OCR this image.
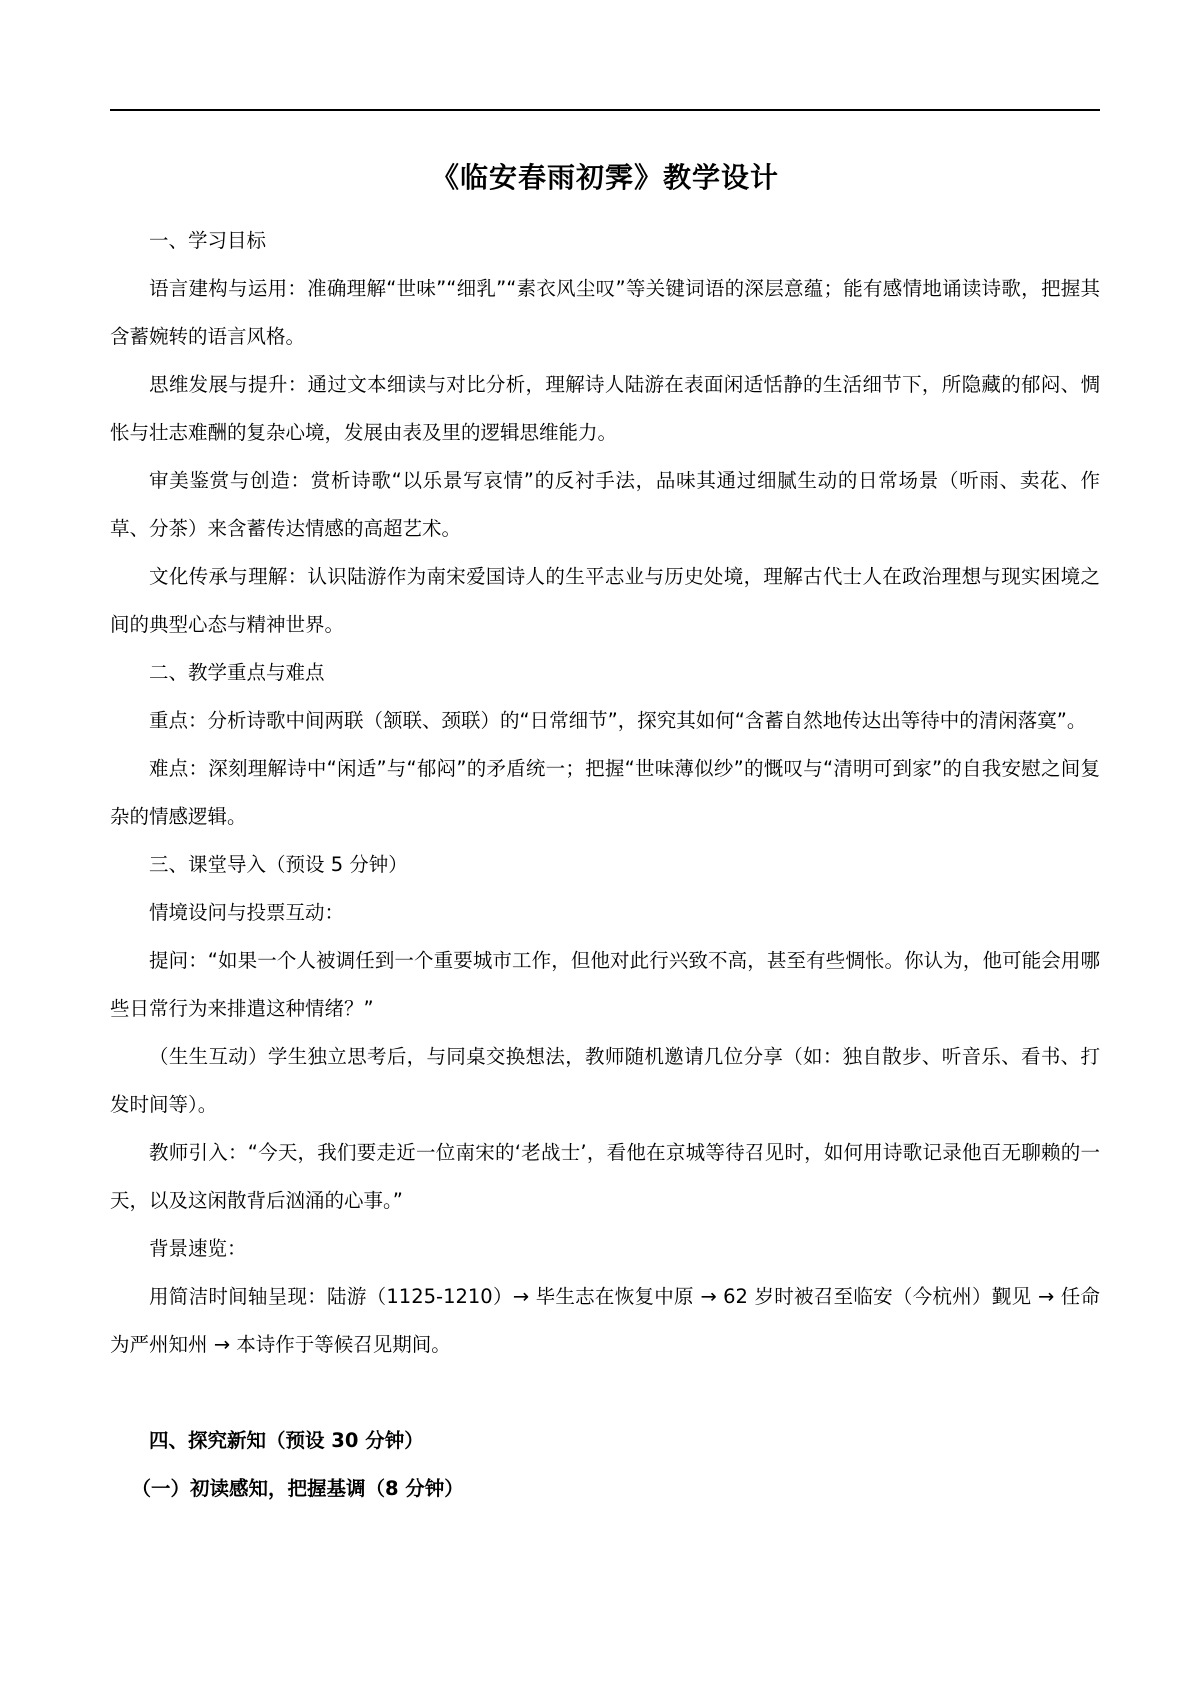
《临安春雨初霁》教学设计

一、学习目标

语言建构与运用：准确理解“世味”“细乳”“素衣风尘叹”等关键词语的深层意蕴；能有感情地诵读诗歌，把握其含蓄婉转的语言风格。

思维发展与提升：通过文本细读与对比分析，理解诗人陆游在表面闲适恬静的生活细节下，所隐藏的郁闷、惆怅与壮志难酬的复杂心境，发展由表及里的逻辑思维能力。

审美鉴赏与创造：赏析诗歌“以乐景写哀情”的反衬手法，品味其通过细腻生动的日常场景（听雨、卖花、作草、分茶）来含蓄传达情感的高超艺术。

文化传承与理解：认识陆游作为南宋爱国诗人的生平志业与历史处境，理解古代士人在政治理想与现实困境之间的典型心态与精神世界。

二、教学重点与难点

重点：分析诗歌中间两联（颔联、颈联）的“日常细节”，探究其如何“含蓄自然地传达出等待中的清闲落寞”。

难点：深刻理解诗中“闲适”与“郁闷”的矛盾统一；把握“世味薄似纱”的慨叹与“清明可到家”的自我安慰之间复杂的情感逻辑。

三、课堂导入（预设 5 分钟）

情境设问与投票互动：

提问：“如果一个人被调任到一个重要城市工作，但他对此行兴致不高，甚至有些惆怅。你认为，他可能会用哪些日常行为来排遣这种情绪？”

（生生互动）学生独立思考后，与同桌交换想法，教师随机邀请几位分享（如：独自散步、听音乐、看书、打发时间等）。

教师引入：“今天，我们要走近一位南宋的‘老战士’，看他在京城等待召见时，如何用诗歌记录他百无聊赖的一天，以及这闲散背后汹涌的心事。”

背景速览：

用简洁时间轴呈现：陆游（1125-1210）→ 毕生志在恢复中原 → 62 岁时被召至临安（今杭州）觐见 → 任命为严州知州 → 本诗作于等候召见期间。

四、探究新知（预设 30 分钟）

（一）初读感知，把握基调（8 分钟）
